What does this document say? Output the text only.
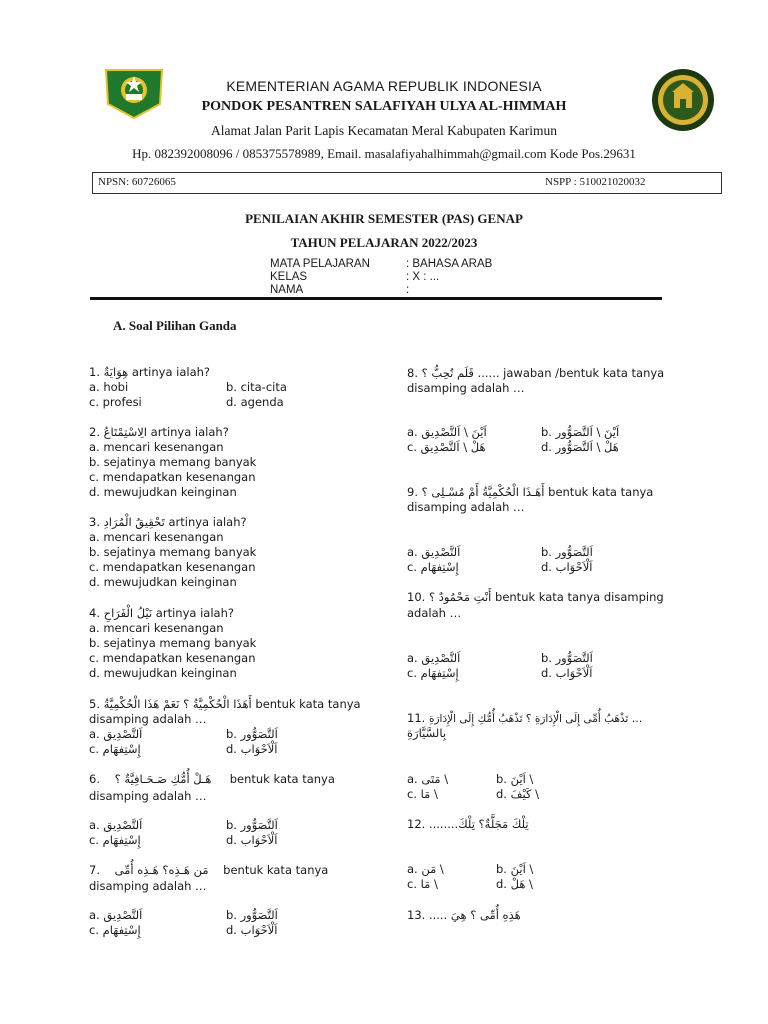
KEMENTERIAN AGAMA REPUBLIK INDONESIA
PONDOK PESANTREN SALAFIYAH ULYA AL-HIMMAH
Alamat Jalan Parit Lapis Kecamatan Meral Kabupaten Karimun
Hp. 082392008096 / 085375578989, Email. masalafiyahalhimmah@gmail.com Kode Pos.29631
NPSN: 60726065	NSPP : 510021020032
PENILAIAN AKHIR SEMESTER (PAS) GENAP
TAHUN PELAJARAN 2022/2023
MATA PELAJARAN	: BAHASA ARAB
KELAS	: X : ...
NAMA	:
A. Soal Pilihan Ganda
1. هِوَايَةٌ artinya ialah?
a. hobi	b. cita-cita
c. profesi	d. agenda
2. الِاسْتِمْتَاعُ artinya ialah?
a. mencari kesenangan
b. sejatinya memang banyak
c. mendapatkan kesenangan
d. mewujudkan keinginan
3. تَحْقِيقُ الْمُرَادِ artinya ialah?
a. mencari kesenangan
b. sejatinya memang banyak
c. mendapatkan kesenangan
d. mewujudkan keinginan
4. نَيْلُ الْفَرَاحِ artinya ialah?
a. mencari kesenangan
b. sejatinya memang banyak
c. mendapatkan kesenangan
d. mewujudkan keinginan
5. أَهَذَا الْحُكْمِيَّةُ ؟ نَعَمْ هَذَا الْحُكْمِيَّةُ bentuk kata tanya
disamping adalah …
a. اَلتَّصْدِيق	b. اَلتَّصَوُّور
c. إِسْتِفهَام	d. اَلْاَحْوَاب
6. هَـلْ أُمُّكِ صَـحَـافِيَّةٌ ؟     bentuk kata tanya
disamping adalah …
a. اَلتَّصْدِيق	b. اَلتَّصَوُّور
c. إِسْتِفهَام	d. اَلْاَحْوَاب
7. مَن هَـذِه؟ هَـذِه أُمِّى    bentuk kata tanya
disamping adalah …
a. اَلتَّصْدِيق	b. اَلتَّصَوُّور
c. إِسْتِفهَام	d. اَلْاَحْوَاب
8. قَلَم تُحِبُّ ؟ ...... jawaban /bentuk kata tanya
disamping adalah …
a. اَيْنَ \ اَلتَّصْدِيق	b. اَيْنَ \ اَلتَّصَوُّور
c. هَلْ \ اَلتَّصْدِيق	d. هَلْ \ اَلتَّصَوُّور
9. أَهَـذَا الْحُكْمِيَّةُ أَمْ مُسْـلِى ؟ bentuk kata tanya
disamping adalah …
a. اَلتَّصْدِيق	b. اَلتَّصَوُّور
c. إِسْتِفهَام	d. اَلْاَحْوَاب
10. أَنْتِ مَحْمُودٌ ؟ bentuk kata tanya disamping
adalah …
a. اَلتَّصْدِيق	b. اَلتَّصَوُّور
c. إِسْتِفهَام	d. اَلْاَحْوَاب
11. … تَذْهَبُ أُمِّى إِلَى الْإِدَارَةِ ؟ تَذْهَبُ أُمُّكِ إِلَى الْإِدَارَةِ
بِالسَّيَّارَةِ
a. مَتَى \	b. اَيْنَ \
c. مَا \	d. كَيْفَ \
12. ........تِلْكَ مَجَلَّةٌ؟ تِلْكَ
a. مَن \	b. اَيْنَ \
c. مَا \	d. هَلْ \
13. ..... هَذِهِ أُمِّى ؟ هِيَ
